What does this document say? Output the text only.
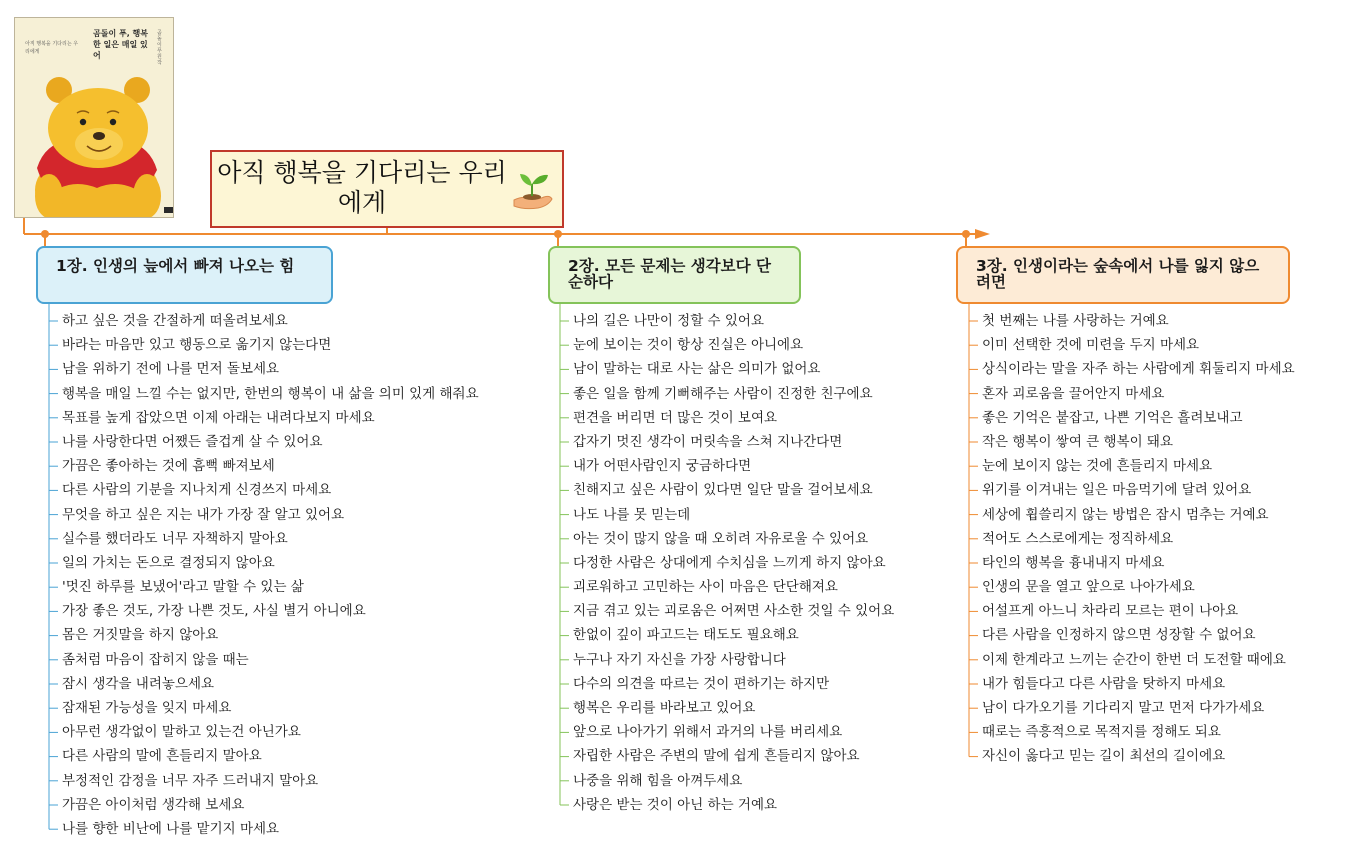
곰돌이 푸, 행복한 일은 매일 있어
아직 행복을 기다리는 우리에게
곰돌이 푸 원작
아직 행복을 기다리는 우리에게
1장. 인생의 늪에서 빠져 나오는 힘	2장. 모든 문제는 생각보다 단순하다
3장. 인생이라는 숲속에서 나를 잃지 않으려면
하고 싶은 것을 간절하게 떠올려보세요
바라는 마음만 있고 행동으로 옮기지 않는다면
남을 위하기 전에 나를 먼저 돌보세요
행복을 매일 느낄 수는 없지만, 한번의 행복이 내 삶을 의미 있게 해줘요
목표를 높게 잡았으면 이제 아래는 내려다보지 마세요
나를 사랑한다면 어쨌든 즐겁게 살 수 있어요
가끔은 좋아하는 것에 흠뻑 빠져보세
다른 사람의 기분을 지나치게 신경쓰지 마세요
무엇을 하고 싶은 지는 내가 가장 잘 알고 있어요
실수를 했더라도 너무 자책하지 말아요
일의 가치는 돈으로 결정되지 않아요
'멋진 하루를 보냈어'라고 말할 수 있는 삶
가장 좋은 것도, 가장 나쁜 것도, 사실 별거 아니에요
몸은 거짓말을 하지 않아요
좀처럼 마음이 잡히지 않을 때는
잠시 생각을 내려놓으세요
잠재된 가능성을 잊지 마세요
아무런 생각없이 말하고 있는건 아닌가요
다른 사람의 말에 흔들리지 말아요
부정적인 감정을 너무 자주 드러내지 말아요
가끔은 아이처럼 생각해 보세요
나를 향한 비난에 나를 맡기지 마세요
나의 길은 나만이 정할 수 있어요
눈에 보이는 것이 항상 진실은 아니에요
남이 말하는 대로 사는 삶은 의미가 없어요
좋은 일을 함께 기뻐해주는 사람이 진정한 친구에요
편견을 버리면 더 많은 것이 보여요
갑자기 멋진 생각이 머릿속을 스쳐 지나간다면
내가 어떤사람인지 궁금하다면
친해지고 싶은 사람이 있다면 일단 말을 걸어보세요
나도 나를 못 믿는데
아는 것이 많지 않을 때 오히려 자유로울 수 있어요
다정한 사람은 상대에게 수치심을 느끼게 하지 않아요
괴로워하고 고민하는 사이 마음은 단단해져요
지금 겪고 있는 괴로움은 어쩌면 사소한 것일 수 있어요
한없이 깊이 파고드는 태도도 필요해요
누구나 자기 자신을 가장 사랑합니다
다수의 의견을 따르는 것이 편하기는 하지만
행복은 우리를 바라보고 있어요
앞으로 나아가기 위해서 과거의 나를 버리세요
자립한 사람은 주변의 말에 쉽게 흔들리지 않아요
나중을 위해 힘을 아껴두세요
사랑은 받는 것이 아닌 하는 거예요
첫 번째는 나를 사랑하는 거예요
이미 선택한 것에 미련을 두지 마세요
상식이라는 말을 자주 하는 사람에게 휘둘리지 마세요
혼자 괴로움을 끌어안지 마세요
좋은 기억은 붙잡고, 나쁜 기억은 흘려보내고
작은 행복이 쌓여 큰 행복이 돼요
눈에 보이지 않는 것에 흔들리지 마세요
위기를 이겨내는 일은 마음먹기에 달려 있어요
세상에 휩쓸리지 않는 방법은 잠시 멈추는 거예요
적어도 스스로에게는 정직하세요
타인의 행복을 흉내내지 마세요
인생의 문을 열고 앞으로 나아가세요
어설프게 아느니 차라리 모르는 편이 나아요
다른 사람을 인정하지 않으면 성장할 수 없어요
이제 한계라고 느끼는 순간이 한번 더 도전할 때에요
내가 힘들다고 다른 사람을 탓하지 마세요
남이 다가오기를 기다리지 말고 먼저 다가가세요
때로는 즉흥적으로 목적지를 정해도 되요
자신이 옳다고 믿는 길이 최선의 길이에요
